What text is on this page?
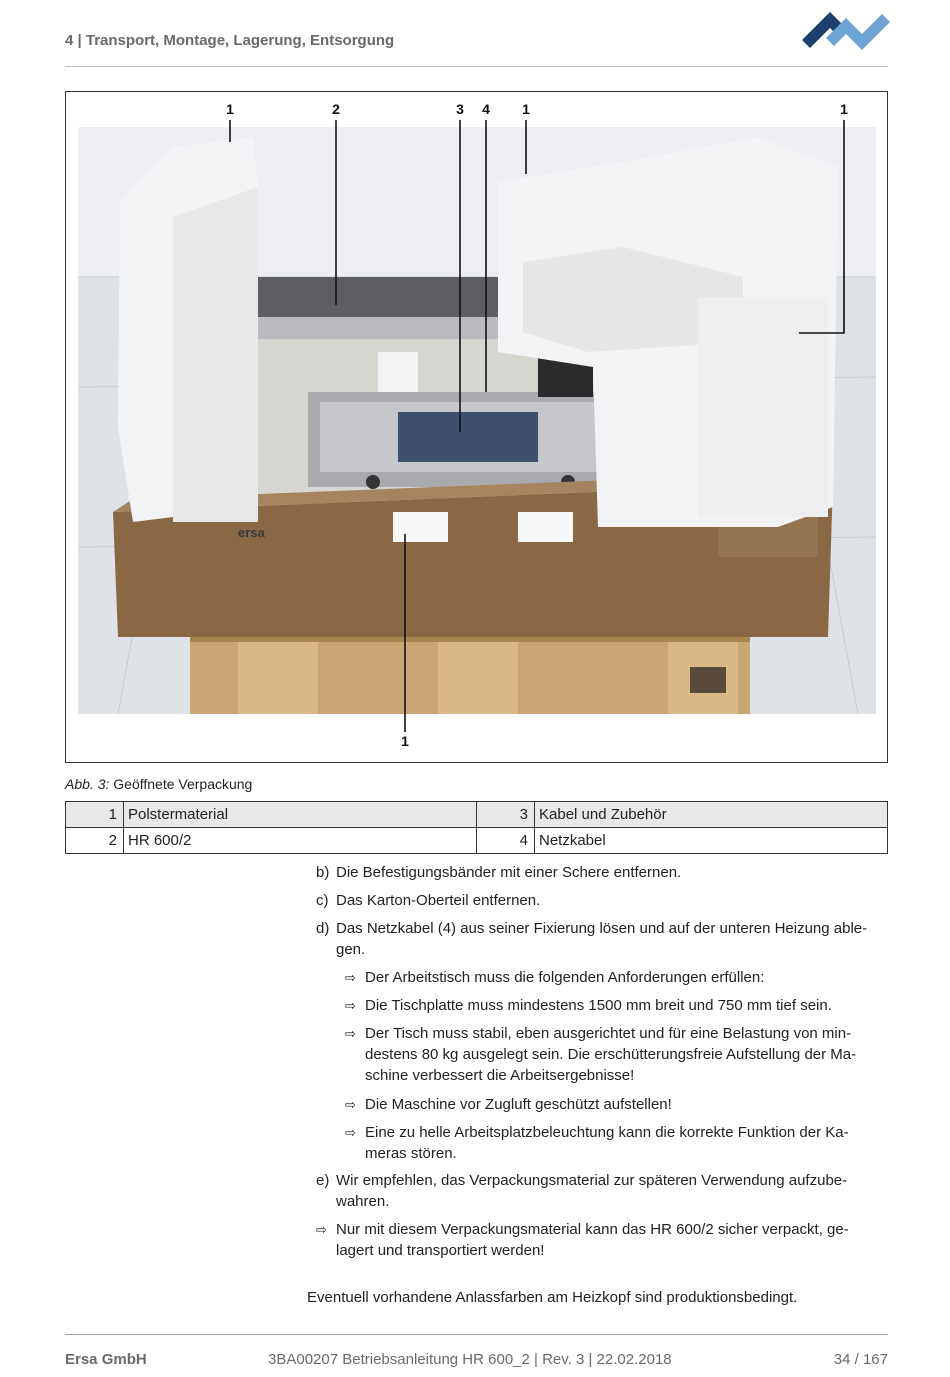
4 | Transport, Montage, Lagerung, Entsorgung
ersa
1	2	3 4 1	1
1
Abb. 3: Geöffnete Verpackung
1	Polstermaterial	3	Kabel und Zubehör
2	HR 600/2	4	Netzkabel
b) Die Befestigungsbänder mit einer Schere entfernen.
c) Das Karton-Oberteil entfernen.
d) Das Netzkabel (4) aus seiner Fixierung lösen und auf der unteren Heizung able-
gen.
⇨ Der Arbeitstisch muss die folgenden Anforderungen erfüllen:
⇨ Die Tischplatte muss mindestens 1500 mm breit und 750 mm tief sein.
⇨ Der Tisch muss stabil, eben ausgerichtet und für eine Belastung von min-
destens 80 kg ausgelegt sein. Die erschütterungsfreie Aufstellung der Ma-
schine verbessert die Arbeitsergebnisse!
⇨ Die Maschine vor Zugluft geschützt aufstellen!
⇨ Eine zu helle Arbeitsplatzbeleuchtung kann die korrekte Funktion der Ka-
meras stören.
e) Wir empfehlen, das Verpackungsmaterial zur späteren Verwendung aufzube-
wahren.
⇨ Nur mit diesem Verpackungsmaterial kann das HR 600/2 sicher verpackt, ge-
lagert und transportiert werden!
Eventuell vorhandene Anlassfarben am Heizkopf sind produktionsbedingt.
Ersa GmbH	3BA00207 Betriebsanleitung HR 600_2 | Rev. 3 | 22.02.2018	34 / 167
